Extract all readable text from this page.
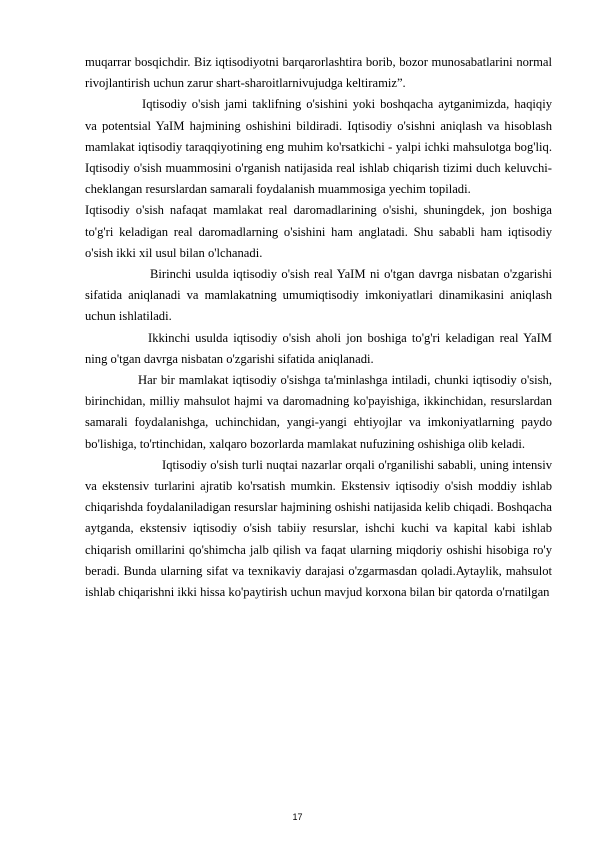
muqarrar bosqichdir. Biz iqtisodiyotni barqarorlashtira borib, bozor munosabatlarini normal rivojlantirish uchun zarur shart-sharoitlarnivujudga keltiramiz”.

Iqtisodiy o'sish jami taklifning o'sishini yoki boshqacha aytganimizda, haqiqiy va potentsial YaIM hajmining oshishini bildiradi. Iqtisodiy o'sishni aniqlash va hisoblash mamlakat iqtisodiy taraqqiyotining eng muhim ko'rsatkichi - yalpi ichki mahsulotga bog'liq. Iqtisodiy o'sish muammosini o'rganish natijasida real ishlab chiqarish tizimi duch keluvchi-cheklangan resurslardan samarali foydalanish muammosiga yechim topiladi.

Iqtisodiy o'sish nafaqat mamlakat real daromadlarining o'sishi, shuningdek, jon boshiga to'g'ri keladigan real daromadlarning o'sishini ham anglatadi. Shu sababli ham iqtisodiy o'sish ikki xil usul bilan o'lchanadi.

Birinchi usulda iqtisodiy o'sish real YaIM ni o'tgan davrga nisbatan o'zgarishi sifatida aniqlanadi va mamlakatning umumiqtisodiy imkoniyatlari dinamikasini aniqlash uchun ishlatiladi.

Ikkinchi usulda iqtisodiy o'sish aholi jon boshiga to'g'ri keladigan real YaIM ning o'tgan davrga nisbatan o'zgarishi sifatida aniqlanadi.

Har bir mamlakat iqtisodiy o'sishga ta'minlashga intiladi, chunki iqtisodiy o'sish, birinchidan, milliy mahsulot hajmi va daromadning ko'payishiga, ikkinchidan, resurslardan samarali foydalanishga, uchinchidan, yangi-yangi ehtiyojlar va imkoniyatlarning paydo bo'lishiga, to'rtinchidan, xalqaro bozorlarda mamlakat nufuzining oshishiga olib keladi.

Iqtisodiy o'sish turli nuqtai nazarlar orqali o'rganilishi sababli, uning intensiv va ekstensiv turlarini ajratib ko'rsatish mumkin. Ekstensiv iqtisodiy o'sish moddiy ishlab chiqarishda foydalaniladigan resurslar hajmining oshishi natijasida kelib chiqadi. Boshqacha aytganda, ekstensiv iqtisodiy o'sish tabiiy resurslar, ishchi kuchi va kapital kabi ishlab chiqarish omillarini qo'shimcha jalb qilish va faqat ularning miqdoriy oshishi hisobiga ro'y beradi. Bunda ularning sifat va texnikaviy darajasi o'zgarmasdan qoladi.Aytaylik, mahsulot ishlab chiqarishni ikki hissa ko'paytirish uchun mavjud korxona bilan bir qatorda o'rnatilgan

17
